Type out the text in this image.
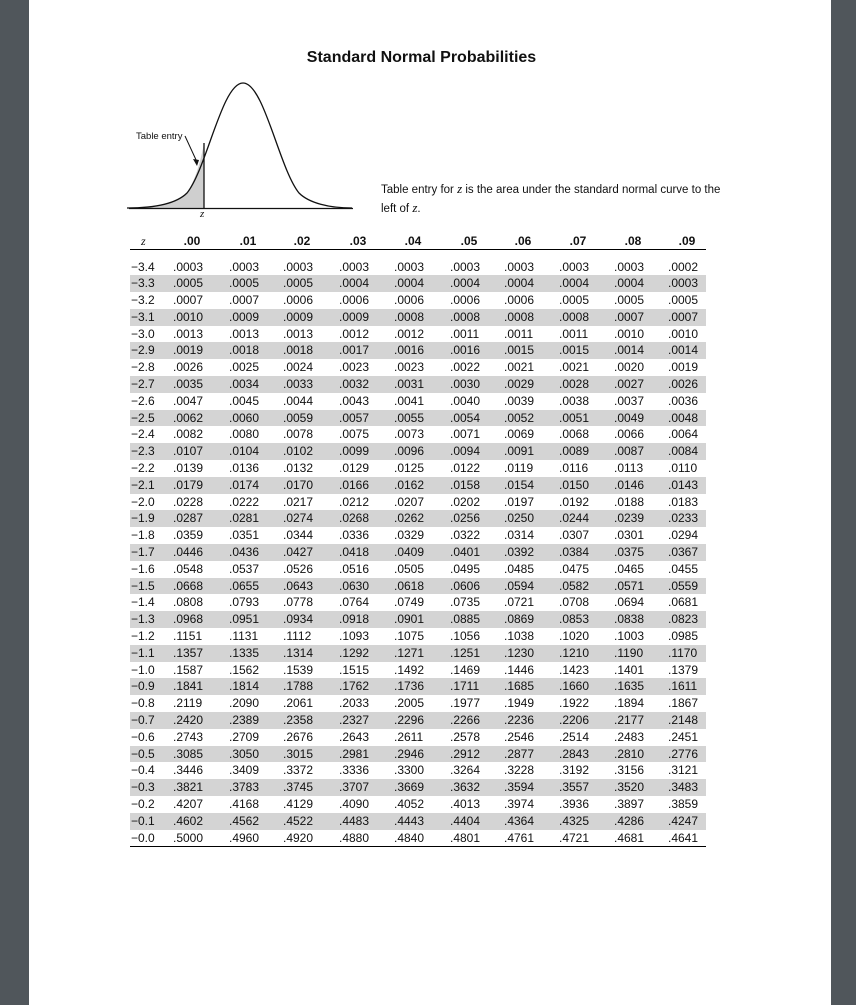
Standard Normal Probabilities
Table entry
z
Table entry for z is the area under the standard normal curve to the left of z.
z	.00	.01	.02	.03	.04	.05	.06	.07	.08	.09
−3.4 .0003 .0003 .0003 .0003 .0003 .0003 .0003 .0003 .0003 .0002
−3.3 .0005 .0005 .0005 .0004 .0004 .0004 .0004 .0004 .0004 .0003
−3.2 .0007 .0007 .0006 .0006 .0006 .0006 .0006 .0005 .0005 .0005
−3.1 .0010 .0009 .0009 .0009 .0008 .0008 .0008 .0008 .0007 .0007
−3.0 .0013 .0013 .0013 .0012 .0012 .0011 .0011 .0011 .0010 .0010
−2.9 .0019 .0018 .0018 .0017 .0016 .0016 .0015 .0015 .0014 .0014
−2.8 .0026 .0025 .0024 .0023 .0023 .0022 .0021 .0021 .0020 .0019
−2.7 .0035 .0034 .0033 .0032 .0031 .0030 .0029 .0028 .0027 .0026
−2.6 .0047 .0045 .0044 .0043 .0041 .0040 .0039 .0038 .0037 .0036
−2.5 .0062 .0060 .0059 .0057 .0055 .0054 .0052 .0051 .0049 .0048
−2.4 .0082 .0080 .0078 .0075 .0073 .0071 .0069 .0068 .0066 .0064
−2.3 .0107 .0104 .0102 .0099 .0096 .0094 .0091 .0089 .0087 .0084
−2.2 .0139 .0136 .0132 .0129 .0125 .0122 .0119 .0116 .0113 .0110
−2.1 .0179 .0174 .0170 .0166 .0162 .0158 .0154 .0150 .0146 .0143
−2.0 .0228 .0222 .0217 .0212 .0207 .0202 .0197 .0192 .0188 .0183
−1.9 .0287 .0281 .0274 .0268 .0262 .0256 .0250 .0244 .0239 .0233
−1.8 .0359 .0351 .0344 .0336 .0329 .0322 .0314 .0307 .0301 .0294
−1.7 .0446 .0436 .0427 .0418 .0409 .0401 .0392 .0384 .0375 .0367
−1.6 .0548 .0537 .0526 .0516 .0505 .0495 .0485 .0475 .0465 .0455
−1.5 .0668 .0655 .0643 .0630 .0618 .0606 .0594 .0582 .0571 .0559
−1.4 .0808 .0793 .0778 .0764 .0749 .0735 .0721 .0708 .0694 .0681
−1.3 .0968 .0951 .0934 .0918 .0901 .0885 .0869 .0853 .0838 .0823
−1.2 .1151 .1131 .1112 .1093 .1075 .1056 .1038 .1020 .1003 .0985
−1.1 .1357 .1335 .1314 .1292 .1271 .1251 .1230 .1210 .1190 .1170
−1.0 .1587 .1562 .1539 .1515 .1492 .1469 .1446 .1423 .1401 .1379
−0.9 .1841 .1814 .1788 .1762 .1736 .1711 .1685 .1660 .1635 .1611
−0.8 .2119 .2090 .2061 .2033 .2005 .1977 .1949 .1922 .1894 .1867
−0.7 .2420 .2389 .2358 .2327 .2296 .2266 .2236 .2206 .2177 .2148
−0.6 .2743 .2709 .2676 .2643 .2611 .2578 .2546 .2514 .2483 .2451
−0.5 .3085 .3050 .3015 .2981 .2946 .2912 .2877 .2843 .2810 .2776
−0.4 .3446 .3409 .3372 .3336 .3300 .3264 .3228 .3192 .3156 .3121
−0.3 .3821 .3783 .3745 .3707 .3669 .3632 .3594 .3557 .3520 .3483
−0.2 .4207 .4168 .4129 .4090 .4052 .4013 .3974 .3936 .3897 .3859
−0.1 .4602 .4562 .4522 .4483 .4443 .4404 .4364 .4325 .4286 .4247
−0.0 .5000 .4960 .4920 .4880 .4840 .4801 .4761 .4721 .4681 .4641
